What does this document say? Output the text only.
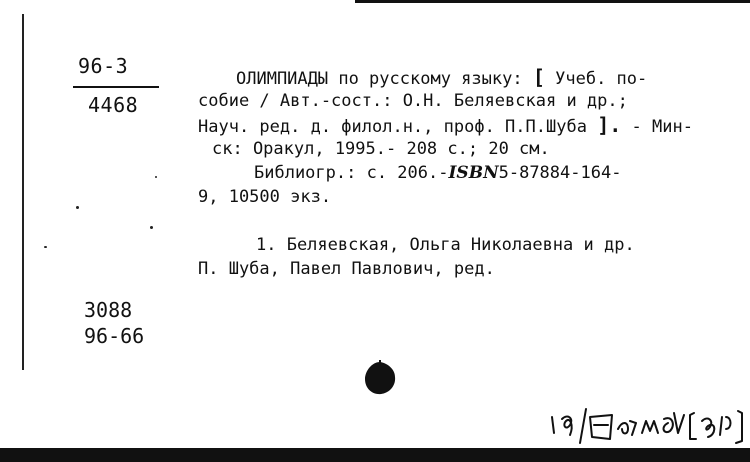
96-3
4468
ОЛИМПИАДЫ по русскому языку: [ Учеб. по-
собие / Авт.-сост.: О.Н. Беляевская и др.;
Науч. ред. д. филол.н., проф. П.П.Шуба ]. - Мин-
ск: Оракул, 1995.- 208 с.; 20 см.
Библиогр.: с. 206.-ISBN5-87884-164-
9, 10500 экз.
1. Беляевская, Ольга Николаевна и др.
П. Шуба, Павел Павлович, ред.
3088
96-66
